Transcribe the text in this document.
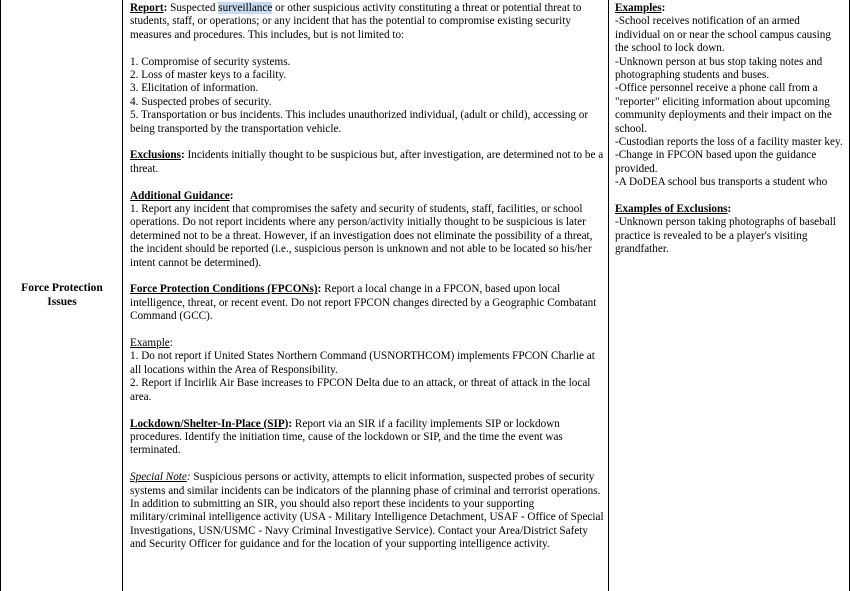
Force Protection
Issues

Report: Suspected surveillance or other suspicious activity constituting a threat or potential threat to students, staff, or operations; or any incident that has the potential to compromise existing security measures and procedures. This includes, but is not limited to:

1. Compromise of security systems.

2. Loss of master keys to a facility.

3. Elicitation of information.

4. Suspected probes of security.

5. Transportation or bus incidents. This includes unauthorized individual, (adult or child), accessing or being transported by the transportation vehicle.

Exclusions: Incidents initially thought to be suspicious but, after investigation, are determined not to be a threat.

Additional Guidance:

1. Report any incident that compromises the safety and security of students, staff, facilities, or school operations. Do not report incidents where any person/activity initially thought to be suspicious is later determined not to be a threat. However, if an investigation does not eliminate the possibility of a threat, the incident should be reported (i.e., suspicious person is unknown and not able to be located so his/her intent cannot be determined).

Force Protection Conditions (FPCONs): Report a local change in a FPCON, based upon local intelligence, threat, or recent event. Do not report FPCON changes directed by a Geographic Combatant Command (GCC).

Example:

1. Do not report if United States Northern Command (USNORTHCOM) implements FPCON Charlie at all locations within the Area of Responsibility.

2. Report if Incirlik Air Base increases to FPCON Delta due to an attack, or threat of attack in the local area.

Lockdown/Shelter-In-Place (SIP): Report via an SIR if a facility implements SIP or lockdown procedures. Identify the initiation time, cause of the lockdown or SIP, and the time the event was terminated.

Special Note: Suspicious persons or activity, attempts to elicit information, suspected probes of security systems and similar incidents can be indicators of the planning phase of criminal and terrorist operations. In addition to submitting an SIR, you should also report these incidents to your supporting military/criminal intelligence activity (USA - Military Intelligence Detachment, USAF - Office of Special Investigations, USN/USMC - Navy Criminal Investigative Service). Contact your Area/District Safety and Security Officer for guidance and for the location of your supporting intelligence activity.

Examples:

-School receives notification of an armed individual on or near the school campus causing the school to lock down.

-Unknown person at bus stop taking notes and photographing students and buses.

-Office personnel receive a phone call from a "reporter" eliciting information about upcoming community deployments and their impact on the school.

-Custodian reports the loss of a facility master key.

-Change in FPCON based upon the guidance provided.

-A DoDEA school bus transports a student who

Examples of Exclusions:

-Unknown person taking photographs of baseball practice is revealed to be a player's visiting grandfather.
